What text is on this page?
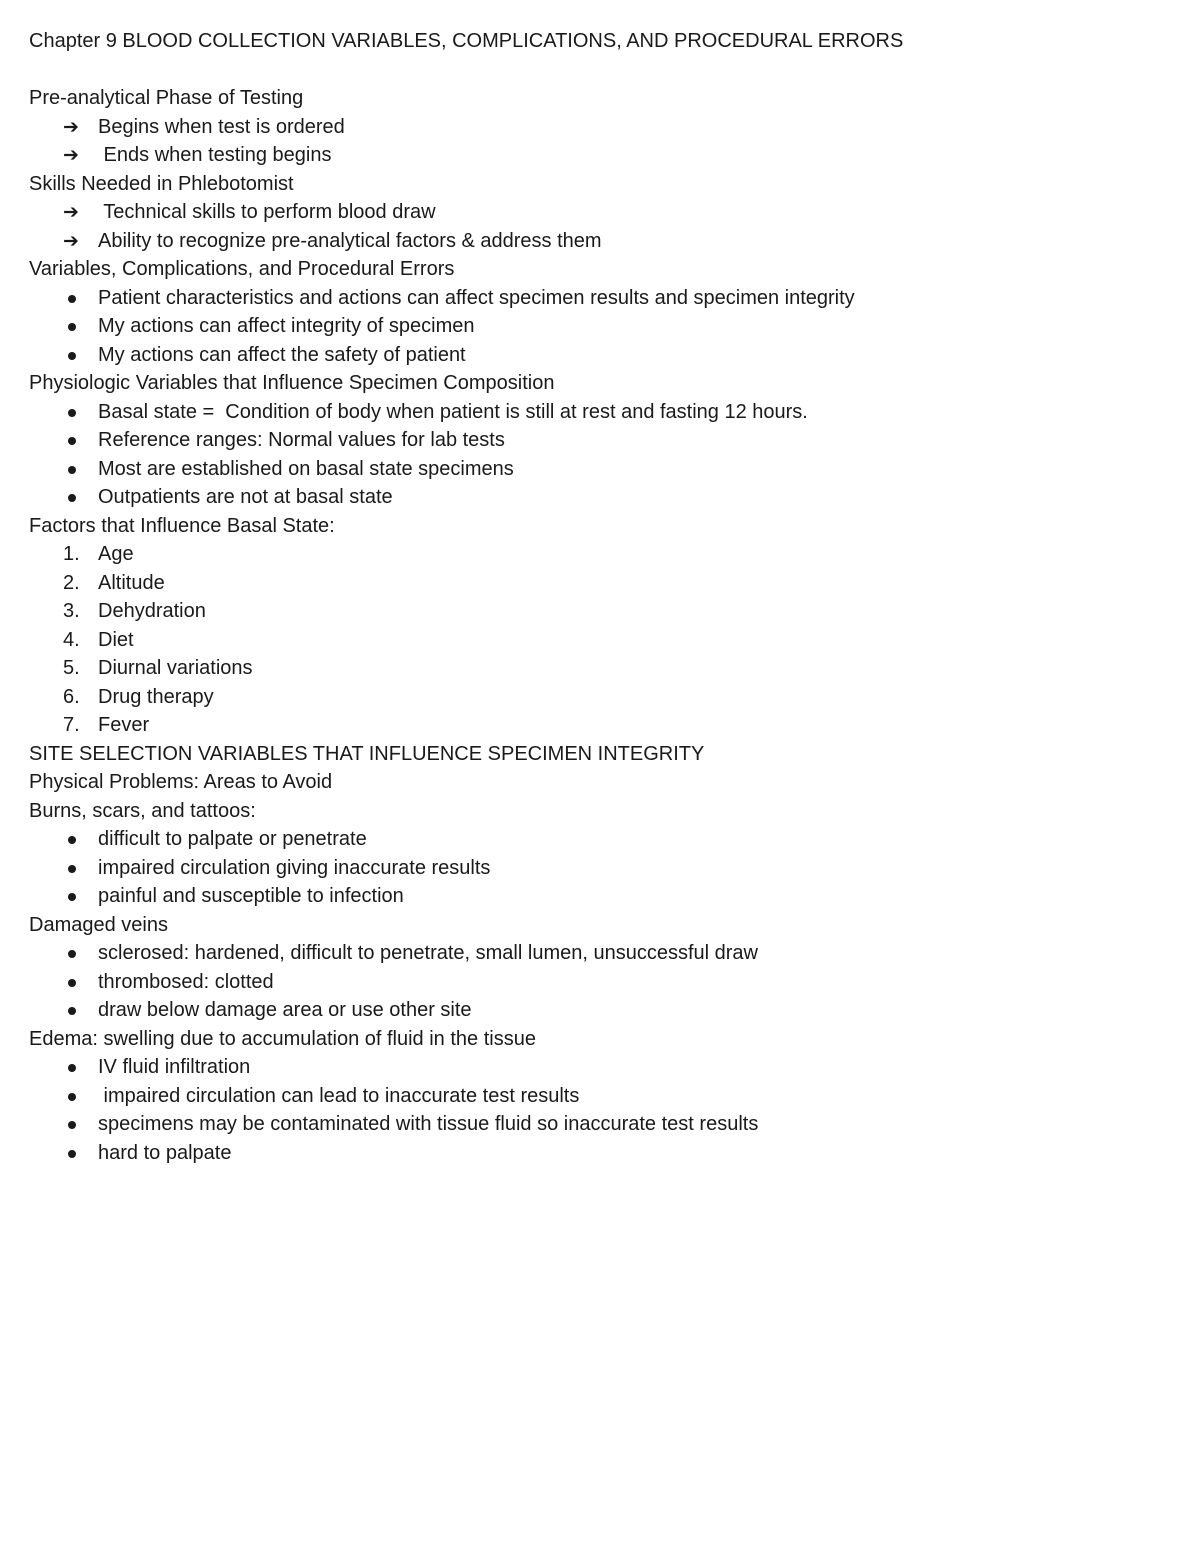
Chapter 9 BLOOD COLLECTION VARIABLES, COMPLICATIONS, AND PROCEDURAL ERRORS
Pre-analytical Phase of Testing
➔ Begins when test is ordered
➔ Ends when testing begins
Skills Needed in Phlebotomist
➔ Technical skills to perform blood draw
➔ Ability to recognize pre-analytical factors & address them
Variables, Complications, and Procedural Errors
Patient characteristics and actions can affect specimen results and specimen integrity
My actions can affect integrity of specimen
My actions can affect the safety of patient
Physiologic Variables that Influence Specimen Composition
Basal state =  Condition of body when patient is still at rest and fasting 12 hours.
Reference ranges: Normal values for lab tests
Most are established on basal state specimens
Outpatients are not at basal state
Factors that Influence Basal State:
1. Age
2. Altitude
3. Dehydration
4. Diet
5. Diurnal variations
6. Drug therapy
7. Fever
SITE SELECTION VARIABLES THAT INFLUENCE SPECIMEN INTEGRITY
Physical Problems: Areas to Avoid
Burns, scars, and tattoos:
difficult to palpate or penetrate
impaired circulation giving inaccurate results
painful and susceptible to infection
Damaged veins
sclerosed: hardened, difficult to penetrate, small lumen, unsuccessful draw
thrombosed: clotted
draw below damage area or use other site
Edema: swelling due to accumulation of fluid in the tissue
IV fluid infiltration
impaired circulation can lead to inaccurate test results
specimens may be contaminated with tissue fluid so inaccurate test results
hard to palpate
